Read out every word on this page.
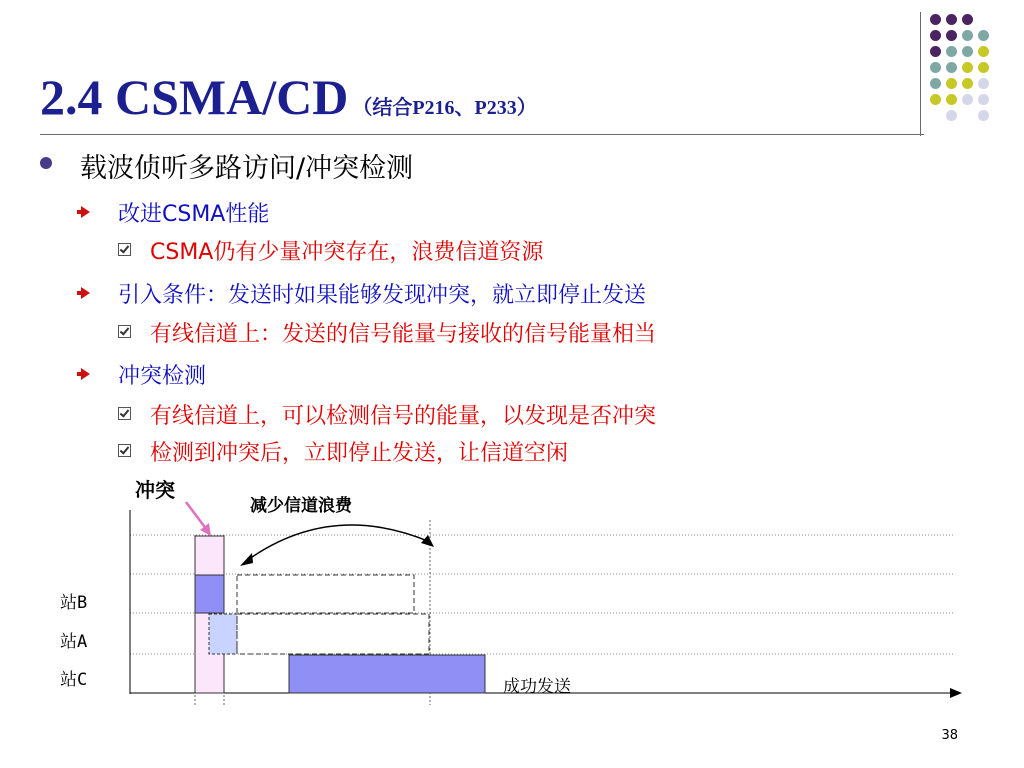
2.4 CSMA/CD （结合P216、P233）
载波侦听多路访问/冲突检测
改进CSMA性能
CSMA仍有少量冲突存在，浪费信道资源
引入条件：发送时如果能够发现冲突，就立即停止发送
有线信道上：发送的信号能量与接收的信号能量相当
冲突检测
有线信道上，可以检测信号的能量，以发现是否冲突
检测到冲突后，立即停止发送，让信道空闲
冲突
减少信道浪费
成功发送
站B
站A
站C
38
